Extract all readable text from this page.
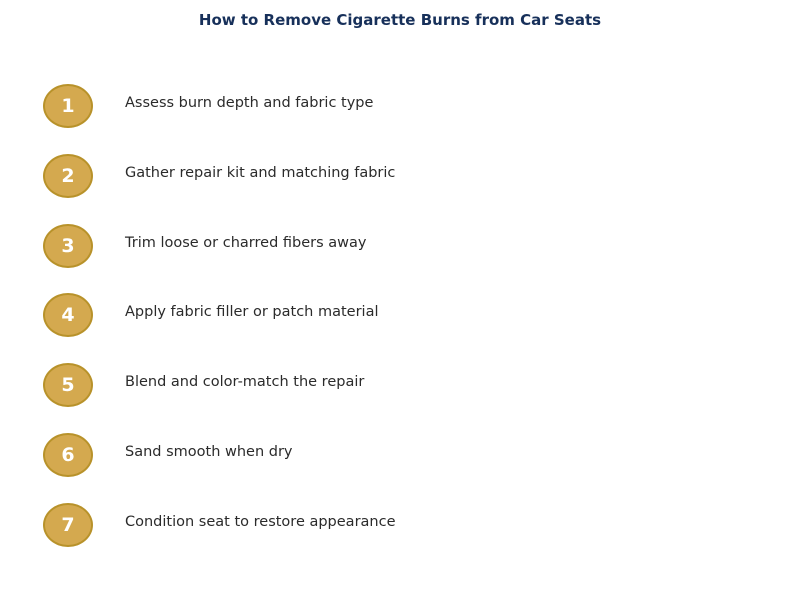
How to Remove Cigarette Burns from Car Seats
1	Assess burn depth and fabric type
2	Gather repair kit and matching fabric
3	Trim loose or charred fibers away
4	Apply fabric filler or patch material
5	Blend and color-match the repair
6	Sand smooth when dry
7	Condition seat to restore appearance
